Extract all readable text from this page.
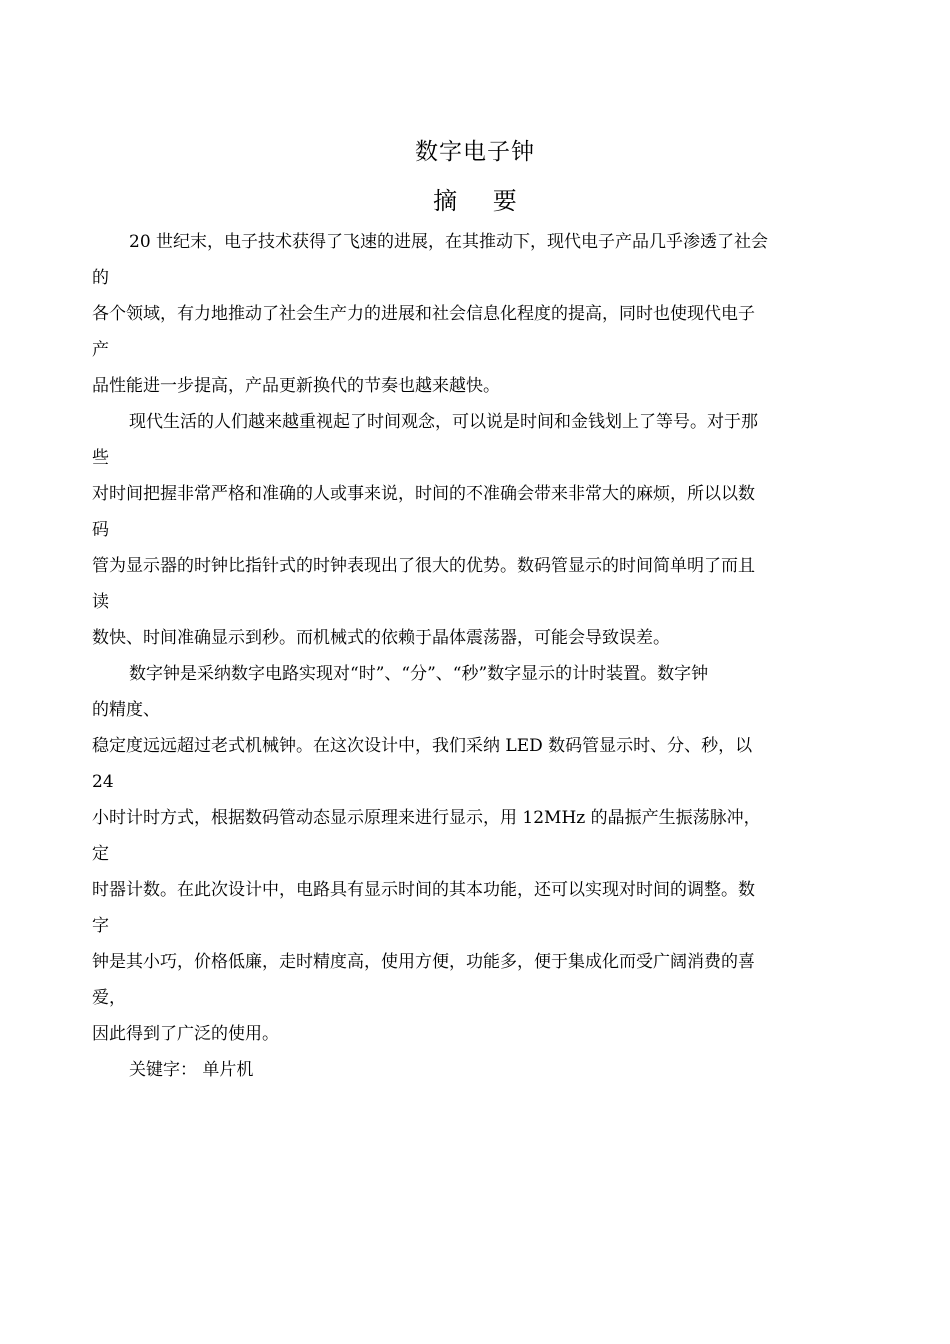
数字电子钟
摘 要
20 世纪末，电子技术获得了飞速的进展，在其推动下，现代电子产品几乎渗透了社会
的
各个领域，有力地推动了社会生产力的进展和社会信息化程度的提高，同时也使现代电子
产
品性能进一步提高，产品更新换代的节奏也越来越快。
现代生活的人们越来越重视起了时间观念，可以说是时间和金钱划上了等号。对于那
些
对时间把握非常严格和准确的人或事来说，时间的不准确会带来非常大的麻烦，所以以数
码
管为显示器的时钟比指针式的时钟表现出了很大的优势。数码管显示的时间简单明了而且
读
数快、时间准确显示到秒。而机械式的依赖于晶体震荡器，可能会导致误差。
数字钟是采纳数字电路实现对“时”、“分”、“秒”数字显示的计时装置。数字钟
的精度、
稳定度远远超过老式机械钟。在这次设计中，我们采纳 LED 数码管显示时、分、秒，以
24
小时计时方式，根据数码管动态显示原理来进行显示，用 12MHz 的晶振产生振荡脉冲，
定
时器计数。在此次设计中，电路具有显示时间的其本功能，还可以实现对时间的调整。数
字
钟是其小巧，价格低廉，走时精度高，使用方便，功能多，便于集成化而受广阔消费的喜
爱，
因此得到了广泛的使用。
关键字： 单片机
